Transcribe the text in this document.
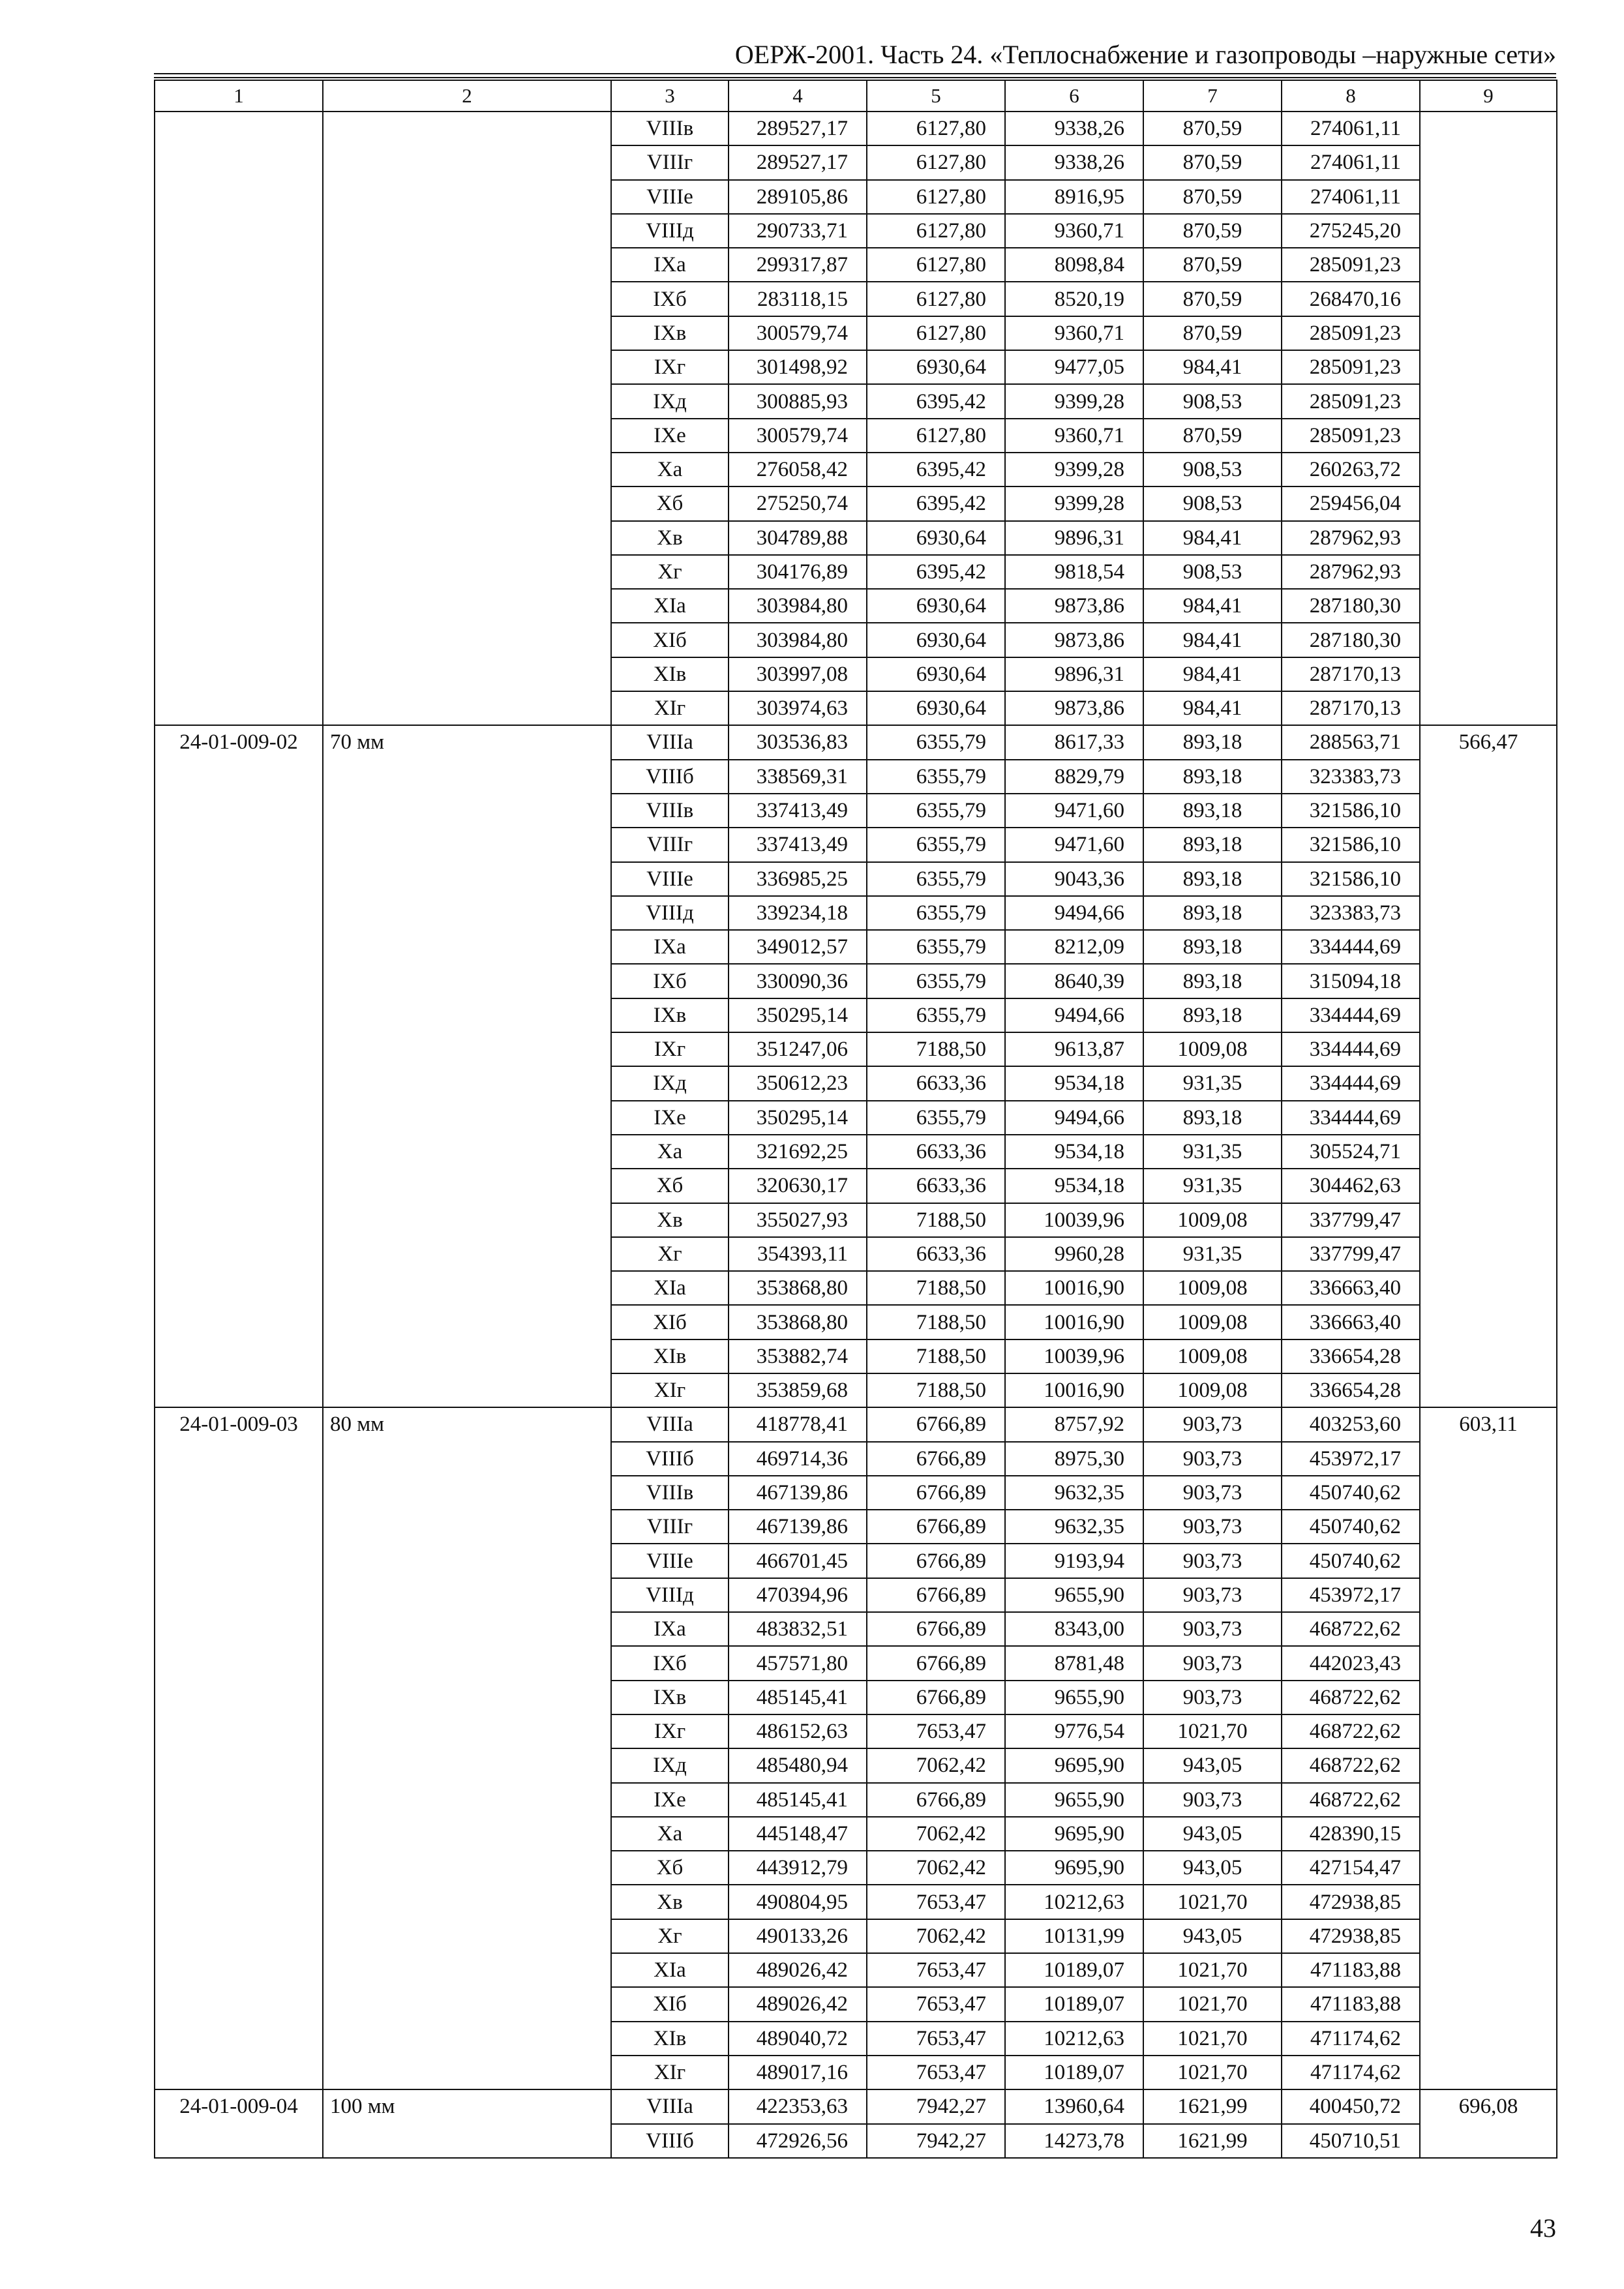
ОЕРЖ-2001. Часть 24. «Теплоснабжение и газопроводы –наружные сети»
1	2	3	4	5	6	7	8	9
		VIIIв	289527,17	6127,80	9338,26	870,59	274061,11	
		VIIIг	289527,17	6127,80	9338,26	870,59	274061,11	
		VIIIе	289105,86	6127,80	8916,95	870,59	274061,11	
		VIIIд	290733,71	6127,80	9360,71	870,59	275245,20	
		IXа	299317,87	6127,80	8098,84	870,59	285091,23	
		IXб	283118,15	6127,80	8520,19	870,59	268470,16	
		IXв	300579,74	6127,80	9360,71	870,59	285091,23	
		IXг	301498,92	6930,64	9477,05	984,41	285091,23	
		IXд	300885,93	6395,42	9399,28	908,53	285091,23	
		IXе	300579,74	6127,80	9360,71	870,59	285091,23	
		Xа	276058,42	6395,42	9399,28	908,53	260263,72	
		Xб	275250,74	6395,42	9399,28	908,53	259456,04	
		Xв	304789,88	6930,64	9896,31	984,41	287962,93	
		Xг	304176,89	6395,42	9818,54	908,53	287962,93	
		XIа	303984,80	6930,64	9873,86	984,41	287180,30	
		XIб	303984,80	6930,64	9873,86	984,41	287180,30	
		XIв	303997,08	6930,64	9896,31	984,41	287170,13	
		XIг	303974,63	6930,64	9873,86	984,41	287170,13	
24-01-009-02	70 мм	VIIIа	303536,83	6355,79	8617,33	893,18	288563,71	566,47
		VIIIб	338569,31	6355,79	8829,79	893,18	323383,73	
		VIIIв	337413,49	6355,79	9471,60	893,18	321586,10	
		VIIIг	337413,49	6355,79	9471,60	893,18	321586,10	
		VIIIе	336985,25	6355,79	9043,36	893,18	321586,10	
		VIIIд	339234,18	6355,79	9494,66	893,18	323383,73	
		IXа	349012,57	6355,79	8212,09	893,18	334444,69	
		IXб	330090,36	6355,79	8640,39	893,18	315094,18	
		IXв	350295,14	6355,79	9494,66	893,18	334444,69	
		IXг	351247,06	7188,50	9613,87	1009,08	334444,69	
		IXд	350612,23	6633,36	9534,18	931,35	334444,69	
		IXе	350295,14	6355,79	9494,66	893,18	334444,69	
		Xа	321692,25	6633,36	9534,18	931,35	305524,71	
		Xб	320630,17	6633,36	9534,18	931,35	304462,63	
		Xв	355027,93	7188,50	10039,96	1009,08	337799,47	
		Xг	354393,11	6633,36	9960,28	931,35	337799,47	
		XIа	353868,80	7188,50	10016,90	1009,08	336663,40	
		XIб	353868,80	7188,50	10016,90	1009,08	336663,40	
		XIв	353882,74	7188,50	10039,96	1009,08	336654,28	
		XIг	353859,68	7188,50	10016,90	1009,08	336654,28	
24-01-009-03	80 мм	VIIIа	418778,41	6766,89	8757,92	903,73	403253,60	603,11
		VIIIб	469714,36	6766,89	8975,30	903,73	453972,17	
		VIIIв	467139,86	6766,89	9632,35	903,73	450740,62	
		VIIIг	467139,86	6766,89	9632,35	903,73	450740,62	
		VIIIе	466701,45	6766,89	9193,94	903,73	450740,62	
		VIIIд	470394,96	6766,89	9655,90	903,73	453972,17	
		IXа	483832,51	6766,89	8343,00	903,73	468722,62	
		IXб	457571,80	6766,89	8781,48	903,73	442023,43	
		IXв	485145,41	6766,89	9655,90	903,73	468722,62	
		IXг	486152,63	7653,47	9776,54	1021,70	468722,62	
		IXд	485480,94	7062,42	9695,90	943,05	468722,62	
		IXе	485145,41	6766,89	9655,90	903,73	468722,62	
		Xа	445148,47	7062,42	9695,90	943,05	428390,15	
		Xб	443912,79	7062,42	9695,90	943,05	427154,47	
		Xв	490804,95	7653,47	10212,63	1021,70	472938,85	
		Xг	490133,26	7062,42	10131,99	943,05	472938,85	
		XIа	489026,42	7653,47	10189,07	1021,70	471183,88	
		XIб	489026,42	7653,47	10189,07	1021,70	471183,88	
		XIв	489040,72	7653,47	10212,63	1021,70	471174,62	
		XIг	489017,16	7653,47	10189,07	1021,70	471174,62	
24-01-009-04	100 мм	VIIIа	422353,63	7942,27	13960,64	1621,99	400450,72	696,08
		VIIIб	472926,56	7942,27	14273,78	1621,99	450710,51	
43
